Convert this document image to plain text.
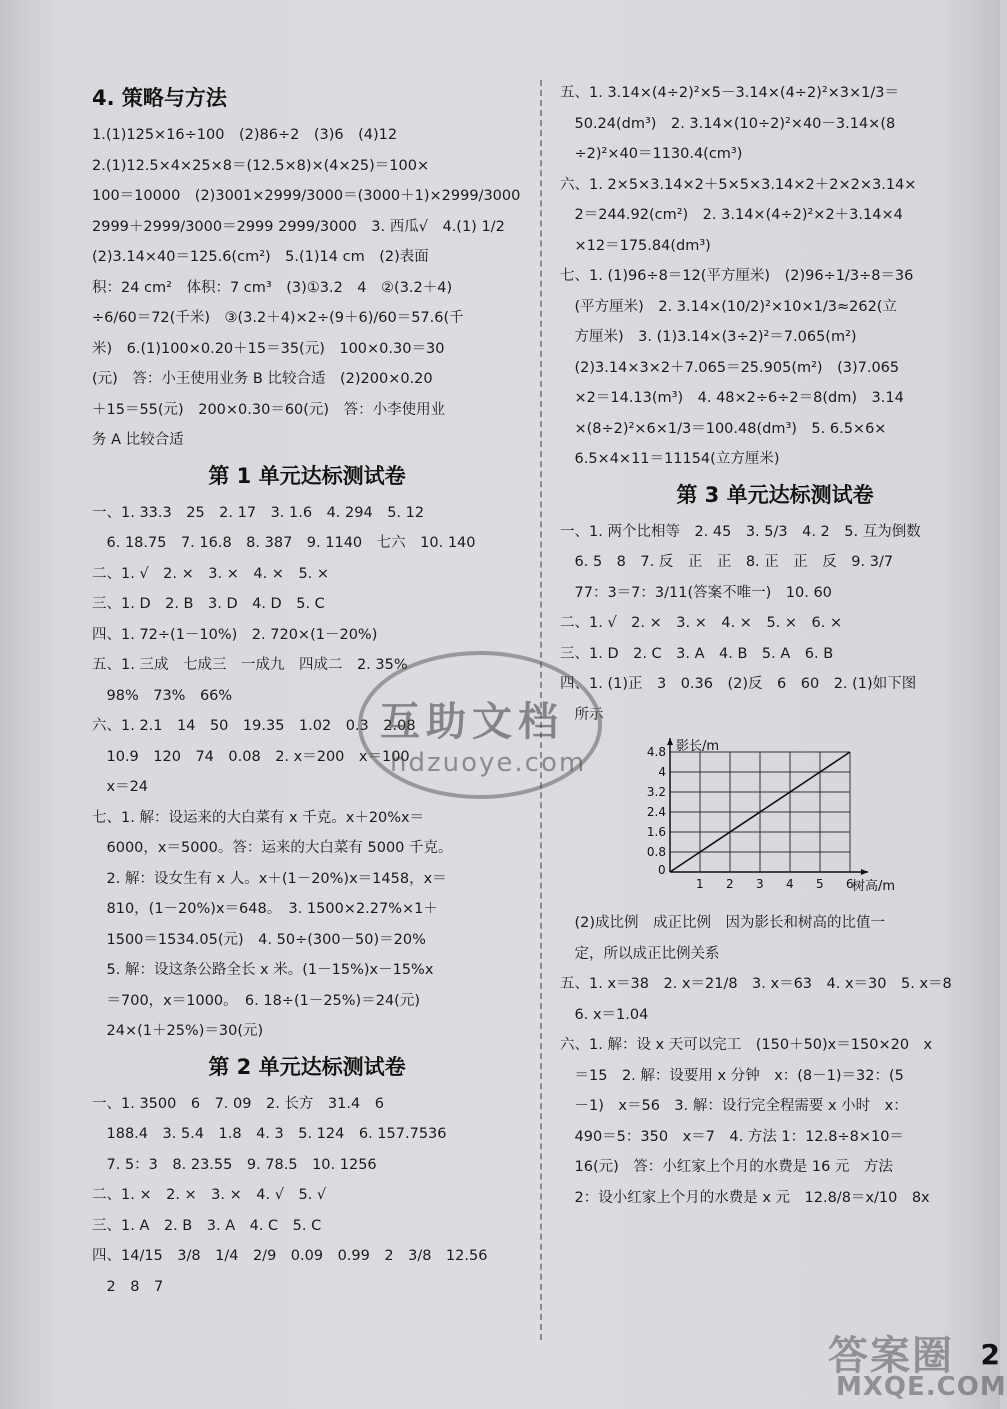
4. 策略与方法
1.(1)125×16÷100　(2)86÷2　(3)6　(4)12
2.(1)12.5×4×25×8＝(12.5×8)×(4×25)＝100×
100＝10000　(2)3001×2999/3000＝(3000＋1)×2999/3000
2999＋2999/3000＝2999 2999/3000　3. 西瓜√　4.(1) 1/2
(2)3.14×40＝125.6(cm²)　5.(1)14 cm　(2)表面
积：24 cm²　体积：7 cm³　(3)①3.2　4　②(3.2＋4)
÷6/60＝72(千米)　③(3.2＋4)×2÷(9＋6)/60＝57.6(千
米)　6.(1)100×0.20＋15＝35(元)　100×0.30＝30
(元)　答：小王使用业务 B 比较合适　(2)200×0.20
＋15＝55(元)　200×0.30＝60(元)　答：小李使用业
务 A 比较合适
第 1 单元达标测试卷
一、1. 33.3　25　2. 17　3. 1.6　4. 294　5. 12
　6. 18.75　7. 16.8　8. 387　9. 1140　七六　10. 140
二、1. √　2. ×　3. ×　4. ×　5. ×
三、1. D　2. B　3. D　4. D　5. C
四、1. 72÷(1－10%)　2. 720×(1－20%)
五、1. 三成　七成三　一成九　四成二　2. 35%
　98%　73%　66%
六、1. 2.1　14　50　19.35　1.02　0.3　2.08
　10.9　120　74　0.08　2. x＝200　x＝100
　x＝24
七、1. 解：设运来的大白菜有 x 千克。x＋20%x＝
　6000，x＝5000。答：运来的大白菜有 5000 千克。
　2. 解：设女生有 x 人。x＋(1－20%)x＝1458，x＝
　810，(1－20%)x＝648。　3. 1500×2.27%×1＋
　1500＝1534.05(元)　4. 50÷(300－50)＝20%
　5. 解：设这条公路全长 x 米。(1－15%)x－15%x
　＝700，x＝1000。　6. 18÷(1－25%)＝24(元)
　24×(1＋25%)＝30(元)
第 2 单元达标测试卷
一、1. 3500　6　7. 09　2. 长方　31.4　6
　188.4　3. 5.4　1.8　4. 3　5. 124　6. 157.7536
　7. 5：3　8. 23.55　9. 78.5　10. 1256
二、1. ×　2. ×　3. ×　4. √　5. √
三、1. A　2. B　3. A　4. C　5. C
四、14/15　3/8　1/4　2/9　0.09　0.99　2　3/8　12.56
　2　8　7
五、1. 3.14×(4÷2)²×5－3.14×(4÷2)²×3×1/3＝
　50.24(dm³)　2. 3.14×(10÷2)²×40－3.14×(8
　÷2)²×40＝1130.4(cm³)
六、1. 2×5×3.14×2＋5×5×3.14×2＋2×2×3.14×
　2＝244.92(cm²)　2. 3.14×(4÷2)²×2＋3.14×4
　×12＝175.84(dm³)
七、1. (1)96÷8＝12(平方厘米)　(2)96÷1/3÷8＝36
　(平方厘米)　2. 3.14×(10/2)²×10×1/3≈262(立
　方厘米)　3. (1)3.14×(3÷2)²＝7.065(m²)
　(2)3.14×3×2＋7.065＝25.905(m²)　(3)7.065
　×2＝14.13(m³)　4. 48×2÷6÷2＝8(dm)　3.14
　×(8÷2)²×6×1/3＝100.48(dm³)　5. 6.5×6×
　6.5×4×11＝11154(立方厘米)
第 3 单元达标测试卷
一、1. 两个比相等　2. 45　3. 5/3　4. 2　5. 互为倒数
　6. 5　8　7. 反　正　正　8. 正　正　反　9. 3/7
　77：3＝7：3/11(答案不唯一)　10. 60
二、1. √　2. ×　3. ×　4. ×　5. ×　6. ×
三、1. D　2. C　3. A　4. B　5. A　6. B
四、1. (1)正　3　0.36　(2)反　6　60　2. (1)如下图
　所示
0
1 2 3 4 5 6
0.8
1.6
2.4
3.2
4
4.8 影长/m
树高/m
　(2)成比例　成正比例　因为影长和树高的比值一
　定，所以成正比例关系
五、1. x＝38　2. x＝21/8　3. x＝63　4. x＝30　5. x＝8
　6. x＝1.04
六、1. 解：设 x 天可以完工　(150＋50)x＝150×20　x
　＝15　2. 解：设要用 x 分钟　x：(8－1)＝32：(5
　－1)　x＝56　3. 解：设行完全程需要 x 小时　x：
　490＝5：350　x＝7　4. 方法 1：12.8÷8×10＝
　16(元)　答：小红家上个月的水费是 16 元　方法
　2：设小红家上个月的水费是 x 元　12.8/8＝x/10　8x
2
互助文档
hdzuoye.com
答案圈
MXQE.COM
